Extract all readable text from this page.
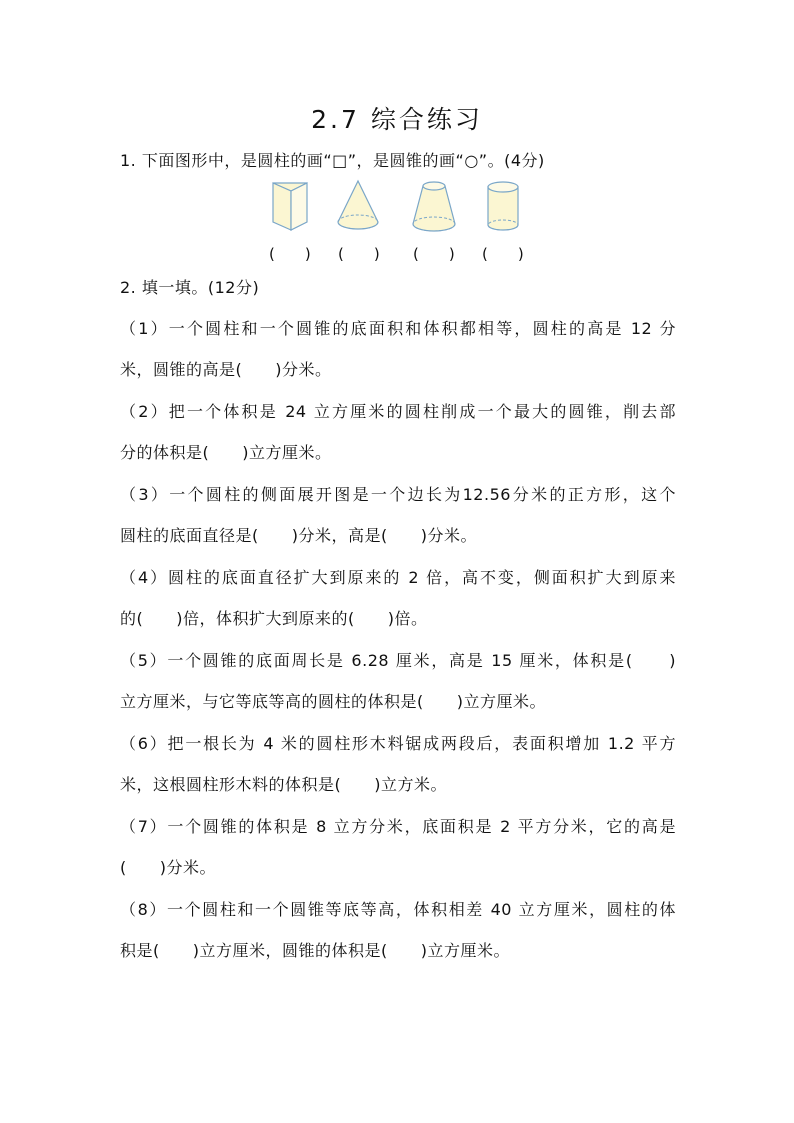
2.7 综合练习
1. 下面图形中，是圆柱的画“□”，是圆锥的画“○”。(4分)
(　　) (　　) (　　) (　　)
2. 填一填。(12分)
（1）一个圆柱和一个圆锥的底面积和体积都相等，圆柱的高是 12 分
米，圆锥的高是(　　)分米。
（2）把一个体积是 24 立方厘米的圆柱削成一个最大的圆锥，削去部
分的体积是(　　)立方厘米。
（3）一个圆柱的侧面展开图是一个边长为12.56分米的正方形，这个
圆柱的底面直径是(　　)分米，高是(　　)分米。
（4）圆柱的底面直径扩大到原来的 2 倍，高不变，侧面积扩大到原来
的(　　)倍，体积扩大到原来的(　　)倍。
（5）一个圆锥的底面周长是 6.28 厘米，高是 15 厘米，体积是(　　)
立方厘米，与它等底等高的圆柱的体积是(　　)立方厘米。
（6）把一根长为 4 米的圆柱形木料锯成两段后，表面积增加 1.2 平方
米，这根圆柱形木料的体积是(　　)立方米。
（7）一个圆锥的体积是 8 立方分米，底面积是 2 平方分米，它的高是
(　　)分米。
（8）一个圆柱和一个圆锥等底等高，体积相差 40 立方厘米，圆柱的体
积是(　　)立方厘米，圆锥的体积是(　　)立方厘米。
